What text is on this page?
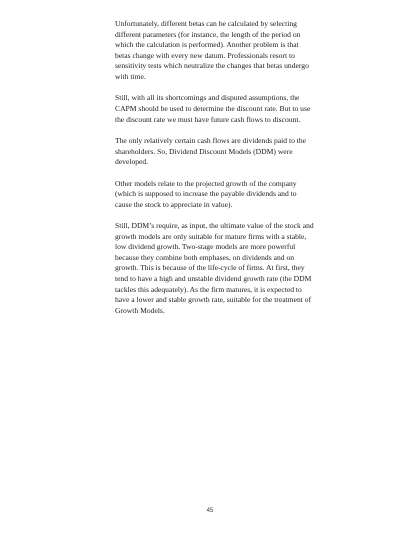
Unfortunately, different betas can be calculated by selecting different parameters (for instance, the length of the period on which the calculation is performed). Another problem is that betas change with every new datum. Professionals resort to sensitivity tests which neutralize the changes that betas undergo with time.

Still, with all its shortcomings and disputed assumptions, the CAPM should be used to determine the discount rate. But to use the discount rate we must have future cash flows to discount.

The only relatively certain cash flows are dividends paid to the shareholders. So, Dividend Discount Models (DDM) were developed.

Other models relate to the projected growth of the company (which is supposed to increase the payable dividends and to cause the stock to appreciate in value).

Still, DDM’s require, as input, the ultimate value of the stock and growth models are only suitable for mature firms with a stable, low dividend growth. Two-stage models are more powerful because they combine both emphases, on dividends and on growth. This is because of the life-cycle of firms. At first, they tend to have a high and unstable dividend growth rate (the DDM tackles this adequately). As the firm matures, it is expected to have a lower and stable growth rate, suitable for the treatment of Growth Models.

45
